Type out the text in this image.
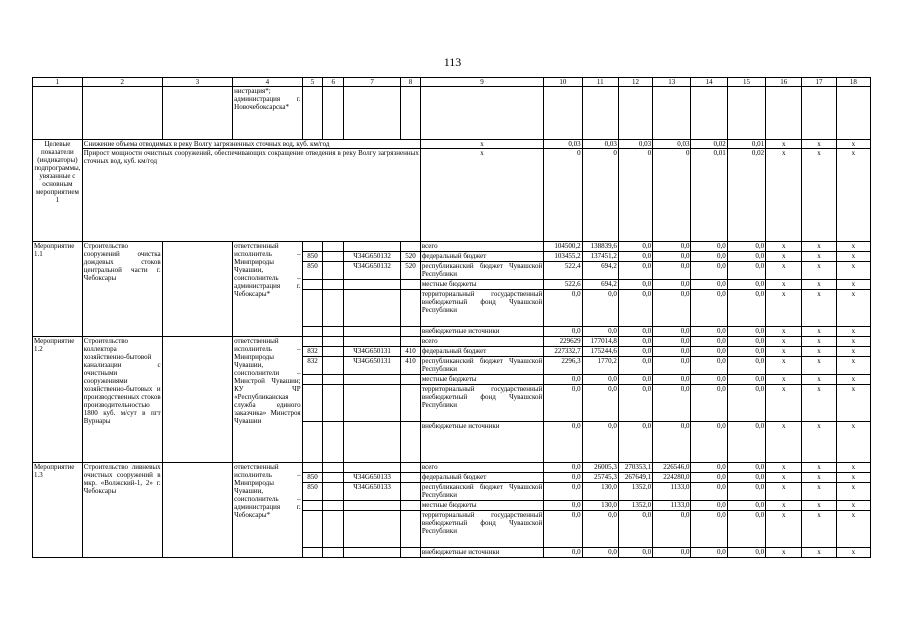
113
1	2	3	4	5	6	7	8	9	10	11	12	13	14	15	16	17	18
			нистрация*; администрация г. Новочебоксарска*														
Целевые показатели (индикаторы) подпрограммы, увязанные с основным мероприятием 1	Снижение объема отводимых в реку Волгу загрязненных сточных вод, куб. км/год							x	0,03	0,03	0,03	0,03	0,02	0,01	x	x	x
	Прирост мощности очистных сооружений, обеспечивающих сокращение отведения в реку Волгу загрязненных сточных вод, куб. км/год							x	0	0	0	0	0,01	0,02	x	x	x
Мероприятие 1.1	Строительство сооружений очистка дождевых стоков центральной части г. Чебоксары		ответственный исполнитель – Минприроды Чувашии, соисполнитель – администрация г. Чебоксары*					всего	104500,2	138839,6	0,0	0,0	0,0	0,0	x	x	x
				850		Ч34G650132	520	федеральный бюджет	103455,2	137451,2	0,0	0,0	0,0	0,0	x	x	x
				850		Ч34G650132	520	республиканский бюджет Чувашской Республики	522,4	694,2	0,0	0,0	0,0	0,0	x	x	x
								местные бюджеты	522,6	694,2	0,0	0,0	0,0	0,0	x	x	x
								территориальный государственный внебюджетный фонд Чувашской Республики	0,0	0,0	0,0	0,0	0,0	0,0	x	x	x
								внебюджетные источники	0,0	0,0	0,0	0,0	0,0	0,0	x	x	x
Мероприятие 1.2	Строительство коллектора хозяйственно-бытовой канализации с очистными сооружениями хозяйственно-бытовых и производственных стоков производительностью 1800 куб. м/сут в пгт Вурнары		ответственный исполнитель – Минприроды Чувашии, соисполнители – Минстрой Чувашии; КУ ЧР «Республиканская служба единого заказчика» Минстроя Чувашии					всего	229629	177014,8	0,0	0,0	0,0	0,0	x	x	x
				832		Ч34G650131	410	федеральный бюджет	227332,7	175244,6	0,0	0,0	0,0	0,0	x	x	x
				832		Ч34G650131	410	республиканский бюджет Чувашской Республики	2296,3	1770,2	0,0	0,0	0,0	0,0	x	x	x
								местные бюджеты	0,0	0,0	0,0	0,0	0,0	0,0	x	x	x
								территориальный государственный внебюджетный фонд Чувашской Республики	0,0	0,0	0,0	0,0	0,0	0,0	x	x	x
								внебюджетные источники	0,0	0,0	0,0	0,0	0,0	0,0	x	x	x
Мероприятие 1.3	Строительство ливневых очистных сооружений в мкр. «Волжский-1, 2» г. Чебоксары		ответственный исполнитель – Минприроды Чувашии, соисполнитель – администрация г. Чебоксары*					всего	0,0	26005,3	270353,1	226546,0	0,0	0,0	x	x	x
				850		Ч34G650133		федеральный бюджет	0,0	25745,3	267649,1	224280,0	0,0	0,0	x	x	x
				850		Ч34G650133		республиканский бюджет Чувашской Республики	0,0	130,0	1352,0	1133,0	0,0	0,0	x	x	x
								местные бюджеты	0,0	130,0	1352,0	1133,0	0,0	0,0	x	x	x
								территориальный государственный внебюджетный фонд Чувашской Республики	0,0	0,0	0,0	0,0	0,0	0,0	x	x	x
								внебюджетные источники	0,0	0,0	0,0	0,0	0,0	0,0	x	x	x
